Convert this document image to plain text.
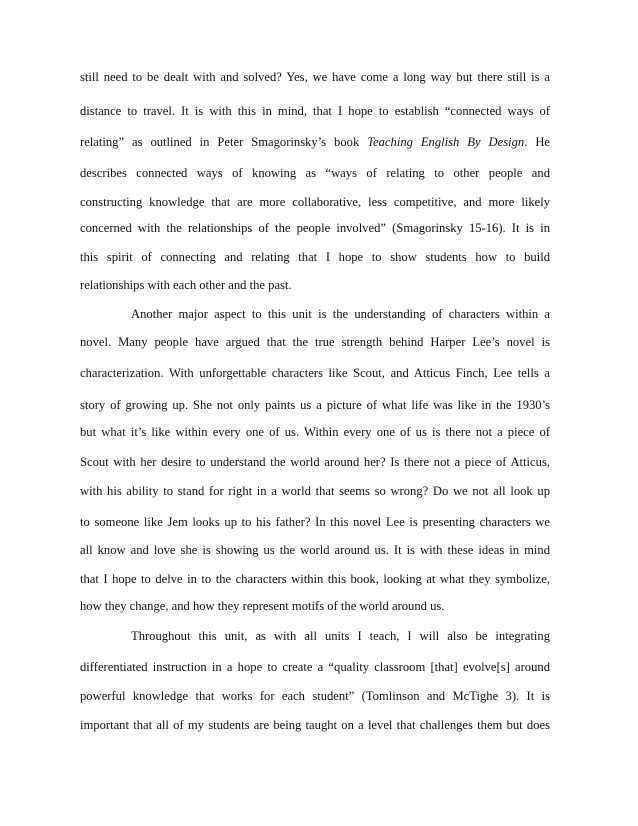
still need to be dealt with and solved? Yes, we have come a long way but there still is a
distance to travel. It is with this in mind, that I hope to establish “connected ways of
relating” as outlined in Peter Smagorinsky’s book Teaching English By Design. He
describes connected ways of knowing as “ways of relating to other people and
constructing knowledge that are more collaborative, less competitive, and more likely
concerned with the relationships of the people involved” (Smagorinsky 15-16). It is in
this spirit of connecting and relating that I hope to show students how to build
relationships with each other and the past.
Another major aspect to this unit is the understanding of characters within a
novel. Many people have argued that the true strength behind Harper Lee’s novel is
characterization. With unforgettable characters like Scout, and Atticus Finch, Lee tells a
story of growing up. She not only paints us a picture of what life was like in the 1930’s
but what it’s like within every one of us. Within every one of us is there not a piece of
Scout with her desire to understand the world around her? Is there not a piece of Atticus,
with his ability to stand for right in a world that seems so wrong? Do we not all look up
to someone like Jem looks up to his father? In this novel Lee is presenting characters we
all know and love she is showing us the world around us. It is with these ideas in mind
that I hope to delve in to the characters within this book, looking at what they symbolize,
how they change, and how they represent motifs of the world around us.
Throughout this unit, as with all units I teach, I will also be integrating
differentiated instruction in a hope to create a “quality classroom [that] evolve[s] around
powerful knowledge that works for each student” (Tomlinson and McTighe 3). It is
important that all of my students are being taught on a level that challenges them but does
